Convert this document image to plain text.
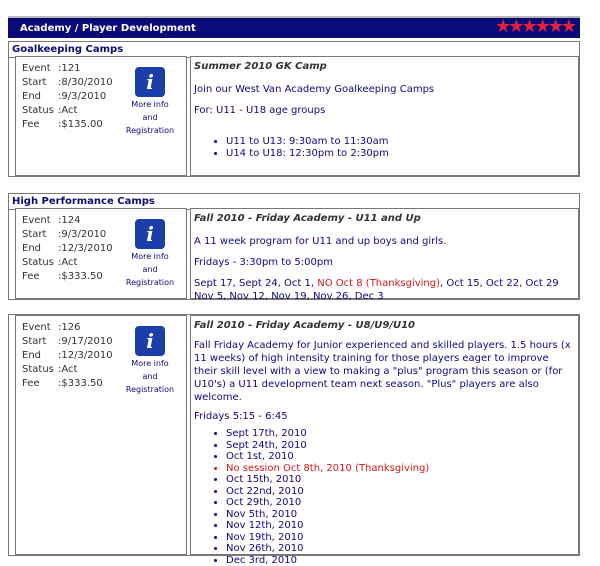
Academy / Player Development	★★★★★★
Goalkeeping Camps
Event :121
Start :8/30/2010
End :9/3/2010
Status :Act
Fee :$135.00
i
More info
and
Registration

Summer 2010 GK Camp

Join our West Van Academy Goalkeeping Camps

For: U11 - U18 age groups

• U11 to U13: 9:30am to 11:30am
• U14 to U18: 12:30pm to 2:30pm
High Performance Camps
Event :124
Start :9/3/2010
End :12/3/2010
Status :Act
Fee :$333.50
i
More info
and
Registration

Fall 2010 - Friday Academy - U11 and Up

A 11 week program for U11 and up boys and girls.

Fridays - 3:30pm to 5:00pm

Sept 17, Sept 24, Oct 1, NO Oct 8 (Thanksgiving), Oct 15, Oct 22, Oct 29 Nov 5, Nov 12, Nov 19, Nov 26, Dec 3

Event :126
Start :9/17/2010
End :12/3/2010
Status :Act
Fee :$333.50
i
More info
and
Registration

Fall 2010 - Friday Academy - U8/U9/U10

Fall Friday Academy for Junior experienced and skilled players. 1.5 hours (x 11 weeks) of high intensity training for those players eager to improve their skill level with a view to making a "plus" program this season or (for U10's) a U11 development team next season. "Plus" players are also welcome.

Fridays 5:15 - 6:45

• Sept 17th, 2010
• Sept 24th, 2010
• Oct 1st, 2010
• No session Oct 8th, 2010 (Thanksgiving)
• Oct 15th, 2010
• Oct 22nd, 2010
• Oct 29th, 2010
• Nov 5th, 2010
• Nov 12th, 2010
• Nov 19th, 2010
• Nov 26th, 2010
• Dec 3rd, 2010
